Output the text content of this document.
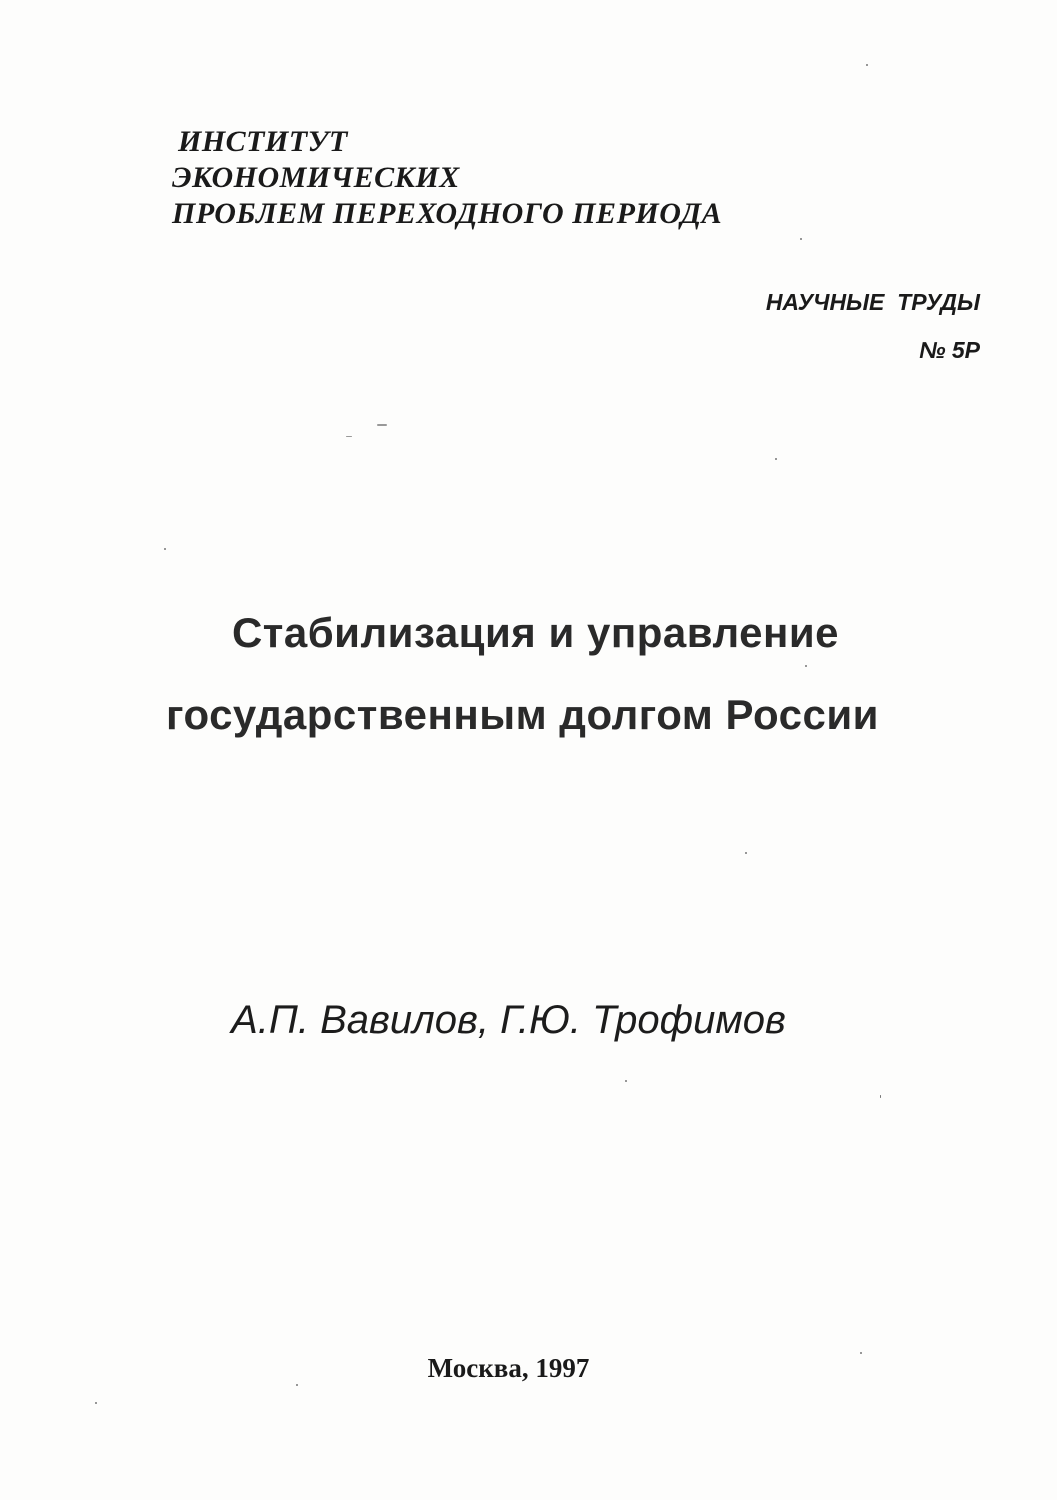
ИНСТИТУТ
ЭКОНОМИЧЕСКИХ
ПРОБЛЕМ ПЕРЕХОДНОГО ПЕРИОДА
НАУЧНЫЕ  ТРУДЫ
№ 5Р
Стабилизация и управление
государственным долгом России
А.П. Вавилов, Г.Ю. Трофимов
Москва, 1997
